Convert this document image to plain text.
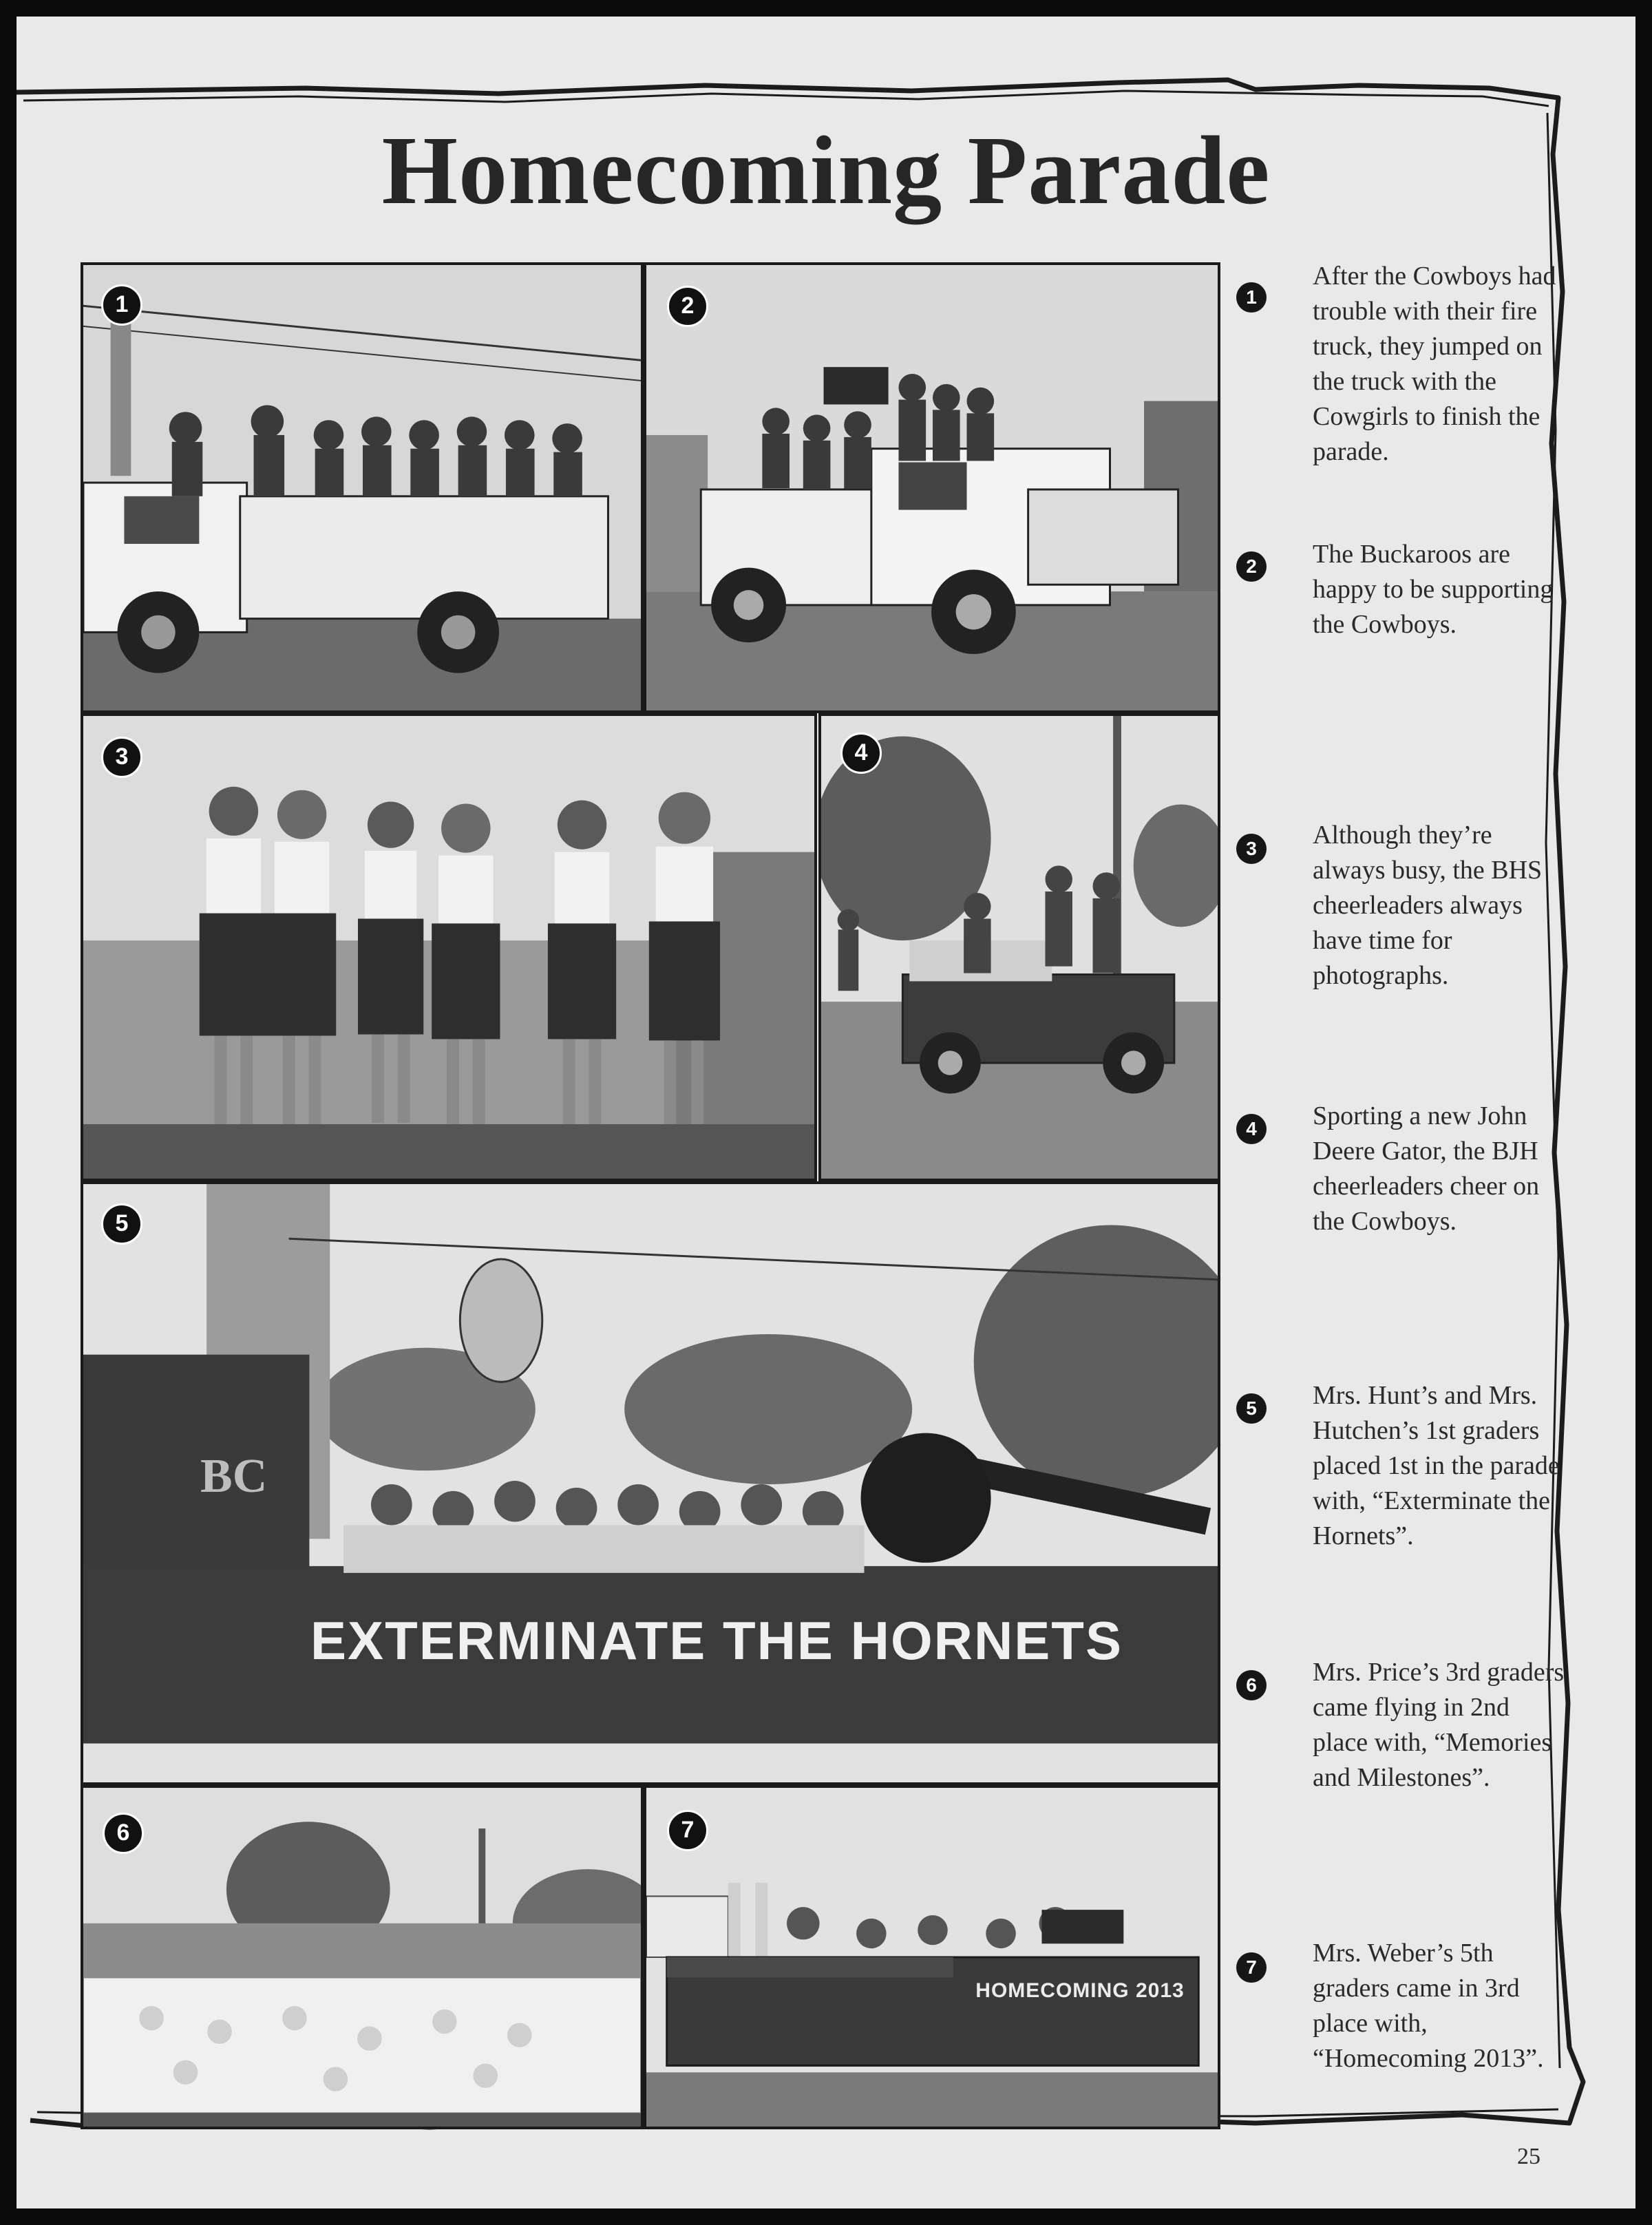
Homecoming Parade
1	2
3	4
BC
EXTERMINATE THE HORNETS
5
6
HOMECOMING 2013
7
1
After the Cowboys had trouble with their fire truck, they jumped on the truck with the Cowgirls to finish the parade.
2	The Buckaroos are happy to be supporting the Cowboys.
3	Although they’re always busy, the BHS cheerleaders always have time for photographs.
4	Sporting a new John Deere Gator, the BJH cheerleaders cheer on the Cowboys.
5	Mrs. Hunt’s and Mrs. Hutchen’s 1st graders placed 1st in the parade with, “Exterminate the Hornets”.
6	Mrs. Price’s 3rd graders came flying in 2nd place with, “Memories and Milestones”.
7	Mrs. Weber’s 5th graders came in 3rd place with, “Homecoming 2013”.
25
